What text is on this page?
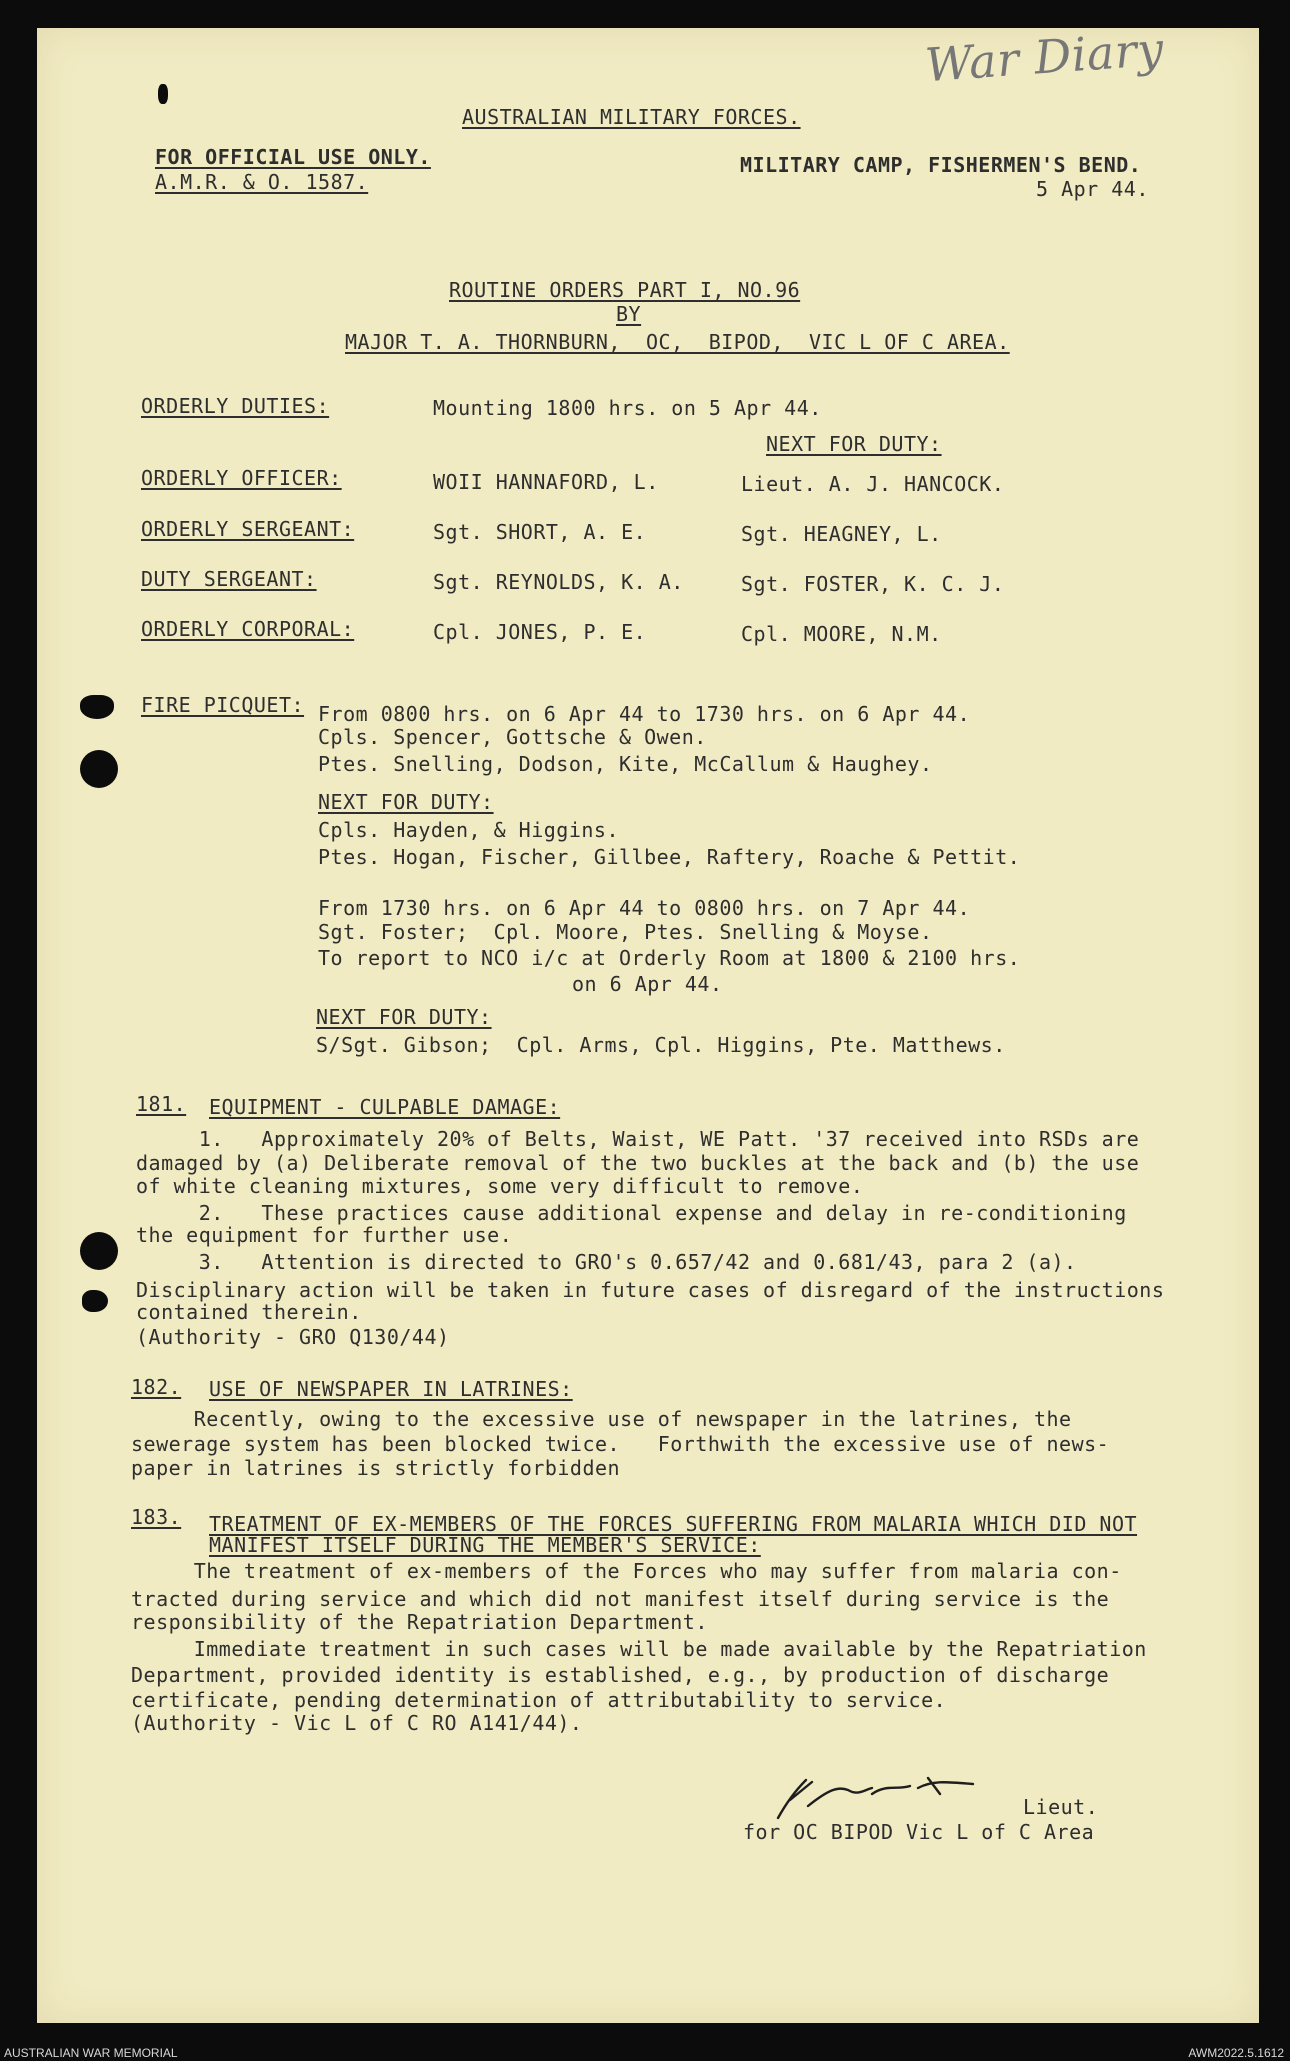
War Diary
AUSTRALIAN MILITARY FORCES.
FOR OFFICIAL USE ONLY.
A.M.R. & O. 1587.
MILITARY CAMP, FISHERMEN'S BEND.
5 Apr 44.
ROUTINE ORDERS PART I, NO.96
BY
MAJOR T. A. THORNBURN,  OC,  BIPOD,  VIC L OF C AREA.
ORDERLY DUTIES:	Mounting 1800 hrs. on 5 Apr 44.
NEXT FOR DUTY:
ORDERLY OFFICER:	WOII HANNAFORD, L.	Lieut. A. J. HANCOCK.
ORDERLY SERGEANT:	Sgt. SHORT, A. E.	Sgt. HEAGNEY, L.
DUTY SERGEANT:	Sgt. REYNOLDS, K. A.	Sgt. FOSTER, K. C. J.
ORDERLY CORPORAL:	Cpl. JONES, P. E.	Cpl. MOORE, N.M.
FIRE PICQUET: From 0800 hrs. on 6 Apr 44 to 1730 hrs. on 6 Apr 44.
Cpls. Spencer, Gottsche & Owen.
Ptes. Snelling, Dodson, Kite, McCallum & Haughey.
NEXT FOR DUTY:
Cpls. Hayden, & Higgins.
Ptes. Hogan, Fischer, Gillbee, Raftery, Roache & Pettit.
From 1730 hrs. on 6 Apr 44 to 0800 hrs. on 7 Apr 44.
Sgt. Foster;  Cpl. Moore, Ptes. Snelling & Moyse.
To report to NCO i/c at Orderly Room at 1800 & 2100 hrs.
on 6 Apr 44.
NEXT FOR DUTY:
S/Sgt. Gibson;  Cpl. Arms, Cpl. Higgins, Pte. Matthews.
181. EQUIPMENT - CULPABLE DAMAGE:
1.   Approximately 20% of Belts, Waist, WE Patt. '37 received into RSDs are
damaged by (a) Deliberate removal of the two buckles at the back and (b) the use
of white cleaning mixtures, some very difficult to remove.
2.   These practices cause additional expense and delay in re-conditioning
the equipment for further use.
3.   Attention is directed to GRO's 0.657/42 and 0.681/43, para 2 (a).
Disciplinary action will be taken in future cases of disregard of the instructions
contained therein.
(Authority - GRO Q130/44)
182. USE OF NEWSPAPER IN LATRINES:
Recently, owing to the excessive use of newspaper in the latrines, the
sewerage system has been blocked twice.   Forthwith the excessive use of news-
paper in latrines is strictly forbidden
183. TREATMENT OF EX-MEMBERS OF THE FORCES SUFFERING FROM MALARIA WHICH DID NOT
MANIFEST ITSELF DURING THE MEMBER'S SERVICE:
The treatment of ex-members of the Forces who may suffer from malaria con-
tracted during service and which did not manifest itself during service is the
responsibility of the Repatriation Department.
Immediate treatment in such cases will be made available by the Repatriation
Department, provided identity is established, e.g., by production of discharge
certificate, pending determination of attributability to service.
(Authority - Vic L of C RO A141/44).
Lieut.
for OC BIPOD Vic L of C Area
AUSTRALIAN WAR MEMORIAL	AWM2022.5.1612
